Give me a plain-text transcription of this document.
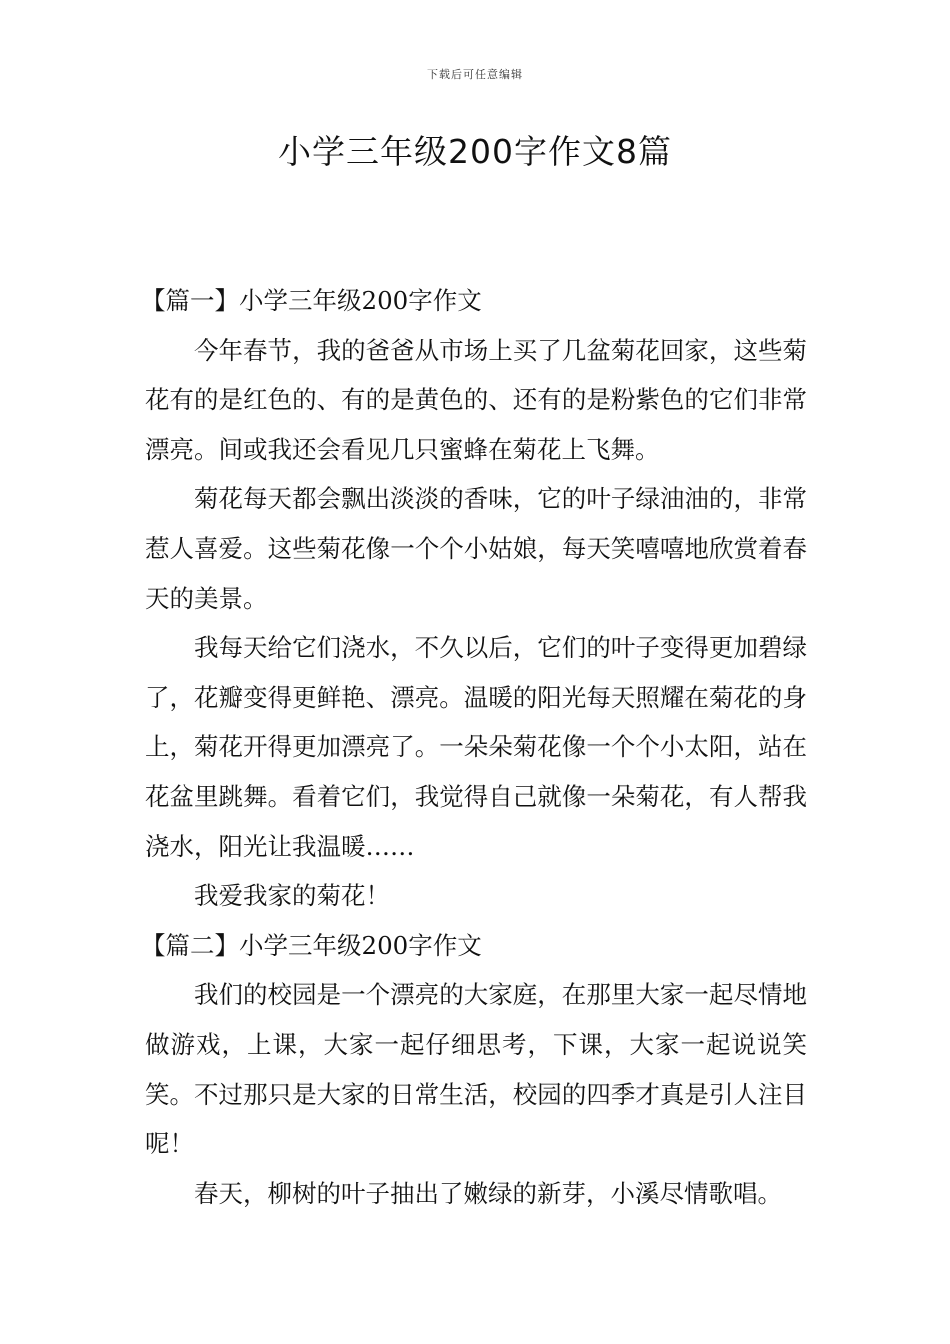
下载后可任意编辑
小学三年级200字作文8篇

【篇一】小学三年级200字作文

今年春节，我的爸爸从市场上买了几盆菊花回家，这些菊花有的是红色的、有的是黄色的、还有的是粉紫色的它们非常漂亮。间或我还会看见几只蜜蜂在菊花上飞舞。

菊花每天都会飘出淡淡的香味，它的叶子绿油油的，非常惹人喜爱。这些菊花像一个个小姑娘，每天笑嘻嘻地欣赏着春天的美景。

我每天给它们浇水，不久以后，它们的叶子变得更加碧绿了，花瓣变得更鲜艳、漂亮。温暖的阳光每天照耀在菊花的身上，菊花开得更加漂亮了。一朵朵菊花像一个个小太阳，站在花盆里跳舞。看着它们，我觉得自己就像一朵菊花，有人帮我浇水，阳光让我温暖……

我爱我家的菊花！

【篇二】小学三年级200字作文

我们的校园是一个漂亮的大家庭，在那里大家一起尽情地做游戏，上课，大家一起仔细思考，下课，大家一起说说笑笑。不过那只是大家的日常生活，校园的四季才真是引人注目呢！

春天，柳树的叶子抽出了嫩绿的新芽，小溪尽情歌唱。
